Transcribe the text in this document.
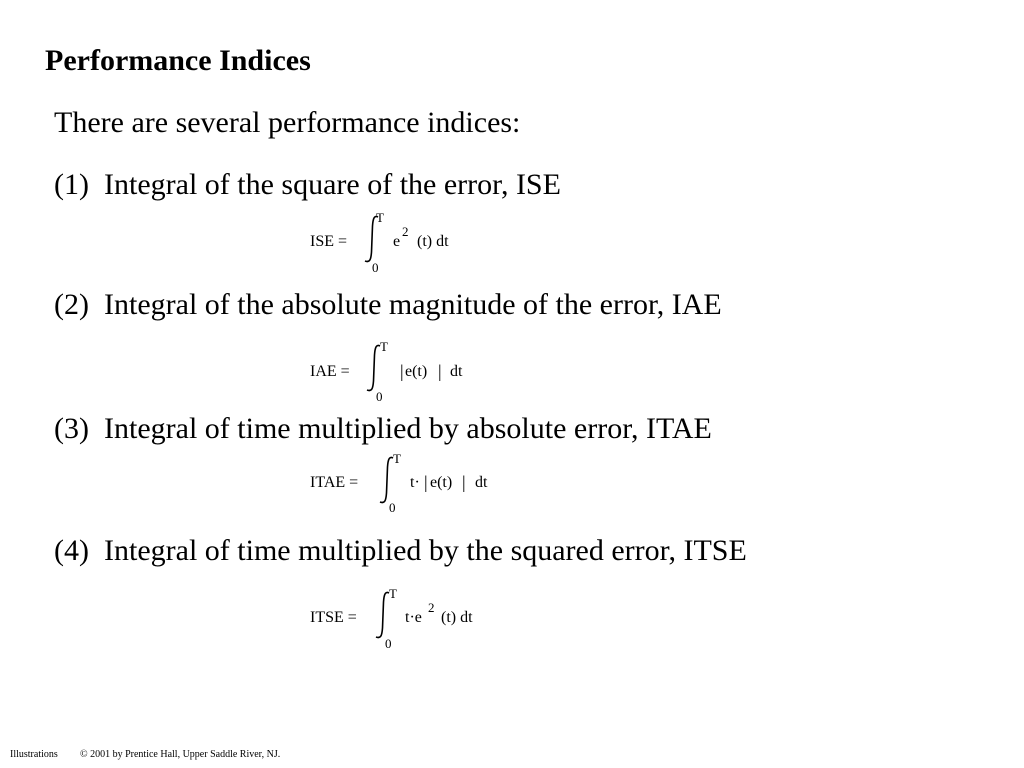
Performance Indices
There are several performance indices:
(1) Integral of the square of the error, ISE
ISE =
T
0
e
2
(t) dt
(2) Integral of the absolute magnitude of the error, IAE
IAE =
T
0
| e(t) | dt
(3) Integral of time multiplied by absolute error, ITAE
ITAE =
T
0
t· | e(t) | dt
(4) Integral of time multiplied by the squared error, ITSE
ITSE =
T
0
t·e
2
(t) dt
Illustrations © 2001 by Prentice Hall, Upper Saddle River, NJ.
